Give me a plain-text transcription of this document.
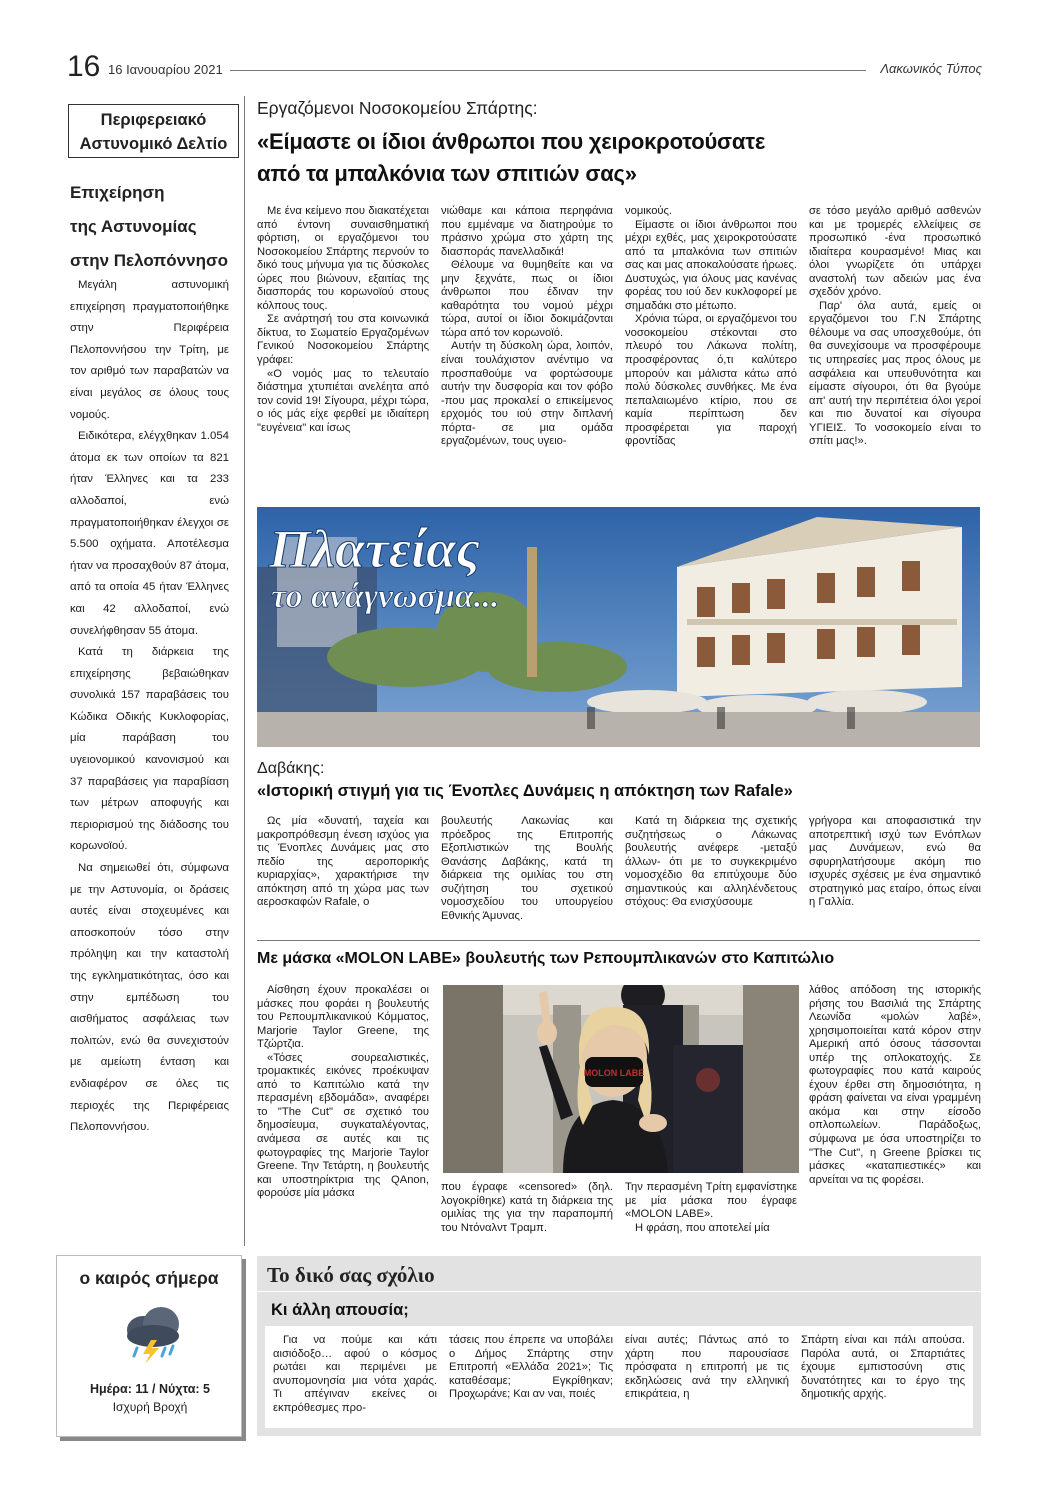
16 16 Ιανουαρίου 2021	Λακωνικός Τύπος
Περιφερειακό
Αστυνομικό Δελτίο
Επιχείρηση
της Αστυνομίας
στην Πελοπόννησο

Μεγάλη αστυνομική επιχείρηση πραγματοποιήθηκε στην Περιφέρεια Πελοποννήσου την Τρίτη, με τον αριθμό των παραβατών να είναι μεγάλος σε όλους τους νομούς.

Ειδικότερα, ελέγχθηκαν 1.054 άτομα εκ των οποίων τα 821 ήταν Έλληνες και τα 233 αλλοδαποί, ενώ πραγματοποιήθηκαν έλεγχοι σε 5.500 οχήματα. Αποτέλεσμα ήταν να προσαχθούν 87 άτομα, από τα οποία 45 ήταν Έλληνες και 42 αλλοδαποί, ενώ συνελήφθησαν 55 άτομα.

Κατά τη διάρκεια της επιχείρησης βεβαιώθηκαν συνολικά 157 παραβάσεις του Κώδικα Οδικής Κυκλοφορίας, μία παράβαση του υγειονομικού κανονισμού και 37 παραβάσεις για παραβίαση των μέτρων αποφυγής και περιορισμού της διάδοσης του κορωνοϊού.

Να σημειωθεί ότι, σύμφωνα με την Αστυνομία, οι δράσεις αυτές είναι στοχευμένες και αποσκοπούν τόσο στην πρόληψη και την καταστολή της εγκληματικότητας, όσο και στην εμπέδωση του αισθήματος ασφάλειας των πολιτών, ενώ θα συνεχιστούν με αμείωτη ένταση και ενδιαφέρον σε όλες τις περιοχές της Περιφέρειας Πελοποννήσου.

Εργαζόμενοι Νοσοκομείου Σπάρτης:
«Είμαστε οι ίδιοι άνθρωποι που χειροκροτούσατε
από τα μπαλκόνια των σπιτιών σας»

Με ένα κείμενο που διακατέχεται από έντονη συναισθηματική φόρτιση, οι εργαζόμενοι του Νοσοκομείου Σπάρτης περνούν το δικό τους μήνυμα για τις δύσκολες ώρες που βιώνουν, εξαιτίας της διασποράς του κορωνοϊού στους κόλπους τους.

Σε ανάρτησή του στα κοινωνικά δίκτυα, το Σωματείο Εργαζομένων Γενικού Νοσοκομείου Σπάρτης γράφει:

«Ο νομός μας το τελευταίο διάστημα χτυπιέται ανελέητα από τον covid 19! Σίγουρα, μέχρι τώρα, ο ιός μάς είχε φερθεί με ιδιαίτερη "ευγένεια" και ίσως

νιώθαμε και κάποια περηφάνια που εμμέναμε να διατηρούμε το πράσινο χρώμα στο χάρτη της διασποράς πανελλαδικά!

Θέλουμε να θυμηθείτε και να μην ξεχνάτε, πως οι ίδιοι άνθρωποι που έδιναν την καθαρότητα του νομού μέχρι τώρα, αυτοί οι ίδιοι δοκιμάζονται τώρα από τον κορωνοϊό.

Αυτήν τη δύσκολη ώρα, λοιπόν, είναι τουλάχιστον ανέντιμο να προσπαθούμε να φορτώσουμε αυτήν την δυσφορία και τον φόβο -που μας προκαλεί ο επικείμενος ερχομός του ιού στην διπλανή πόρτα- σε μια ομάδα εργαζομένων, τους υγειο-

νομικούς.

Είμαστε οι ίδιοι άνθρωποι που μέχρι εχθές, μας χειροκροτούσατε από τα μπαλκόνια των σπιτιών σας και μας αποκαλούσατε ήρωες. Δυστυχώς, για όλους μας κανένας φορέας του ιού δεν κυκλοφορεί με σημαδάκι στο μέτωπο.

Χρόνια τώρα, οι εργαζόμενοι του νοσοκομείου στέκονται στο πλευρό του Λάκωνα πολίτη, προσφέροντας ό,τι καλύτερο μπορούν και μάλιστα κάτω από πολύ δύσκολες συνθήκες. Με ένα πεπαλαιωμένο κτίριο, που σε καμία περίπτωση δεν προσφέρεται για παροχή φροντίδας

σε τόσο μεγάλο αριθμό ασθενών και με τρομερές ελλείψεις σε προσωπικό -ένα προσωπικό ιδιαίτερα κουρασμένο! Μιας και όλοι γνωρίζετε ότι υπάρχει αναστολή των αδειών μας ένα σχεδόν χρόνο.

Παρ' όλα αυτά, εμείς οι εργαζόμενοι του Γ.Ν Σπάρτης θέλουμε να σας υποσχεθούμε, ότι θα συνεχίσουμε να προσφέρουμε τις υπηρεσίες μας προς όλους με ασφάλεια και υπευθυνότητα και είμαστε σίγουροι, ότι θα βγούμε απ' αυτή την περιπέτεια όλοι γεροί και πιο δυνατοί και σίγουρα ΥΓΙΕΙΣ. Το νοσοκομείο είναι το σπίτι μας!».

Πλατείας
το ανάγνωσμα...
Δαβάκης:
«Ιστορική στιγμή για τις Ένοπλες Δυνάμεις η απόκτηση των Rafale»

Ως μία «δυνατή, ταχεία και μακροπρόθεσμη ένεση ισχύος για τις Ένοπλες Δυνάμεις μας στο πεδίο της αεροπορικής κυριαρχίας», χαρακτήρισε την απόκτηση από τη χώρα μας των αεροσκαφών Rafale, ο

βουλευτής Λακωνίας και πρόεδρος της Επιτροπής Εξοπλιστικών της Βουλής Θανάσης Δαβάκης, κατά τη διάρκεια της ομιλίας του στη συζήτηση του σχετικού νομοσχεδίου του υπουργείου Εθνικής Άμυνας.

Κατά τη διάρκεια της σχετικής συζητήσεως ο Λάκωνας βουλευτής ανέφερε -μεταξύ άλλων- ότι με το συγκεκριμένο νομοσχέδιο θα επιτύχουμε δύο σημαντικούς και αλληλένδετους στόχους: Θα ενισχύσουμε

γρήγορα και αποφασιστικά την αποτρεπτική ισχύ των Ενόπλων μας Δυνάμεων, ενώ θα σφυρηλατήσουμε ακόμη πιο ισχυρές σχέσεις με ένα σημαντικό στρατηγικό μας εταίρο, όπως είναι η Γαλλία.

Με μάσκα «MOLON LABE» βουλευτής των Ρεπουμπλικανών στο Καπιτώλιο

Αίσθηση έχουν προκαλέσει οι μάσκες που φοράει η βουλευτής του Ρεπουμπλικανικού Κόμματος, Marjorie Taylor Greene, της Τζώρτζια.

«Τόσες σουρεαλιστικές, τρομακτικές εικόνες προέκυψαν από το Καπιτώλιο κατά την περασμένη εβδομάδα», αναφέρει το "The Cut" σε σχετικό του δημοσίευμα, συγκαταλέγοντας, ανάμεσα σε αυτές και τις φωτογραφίες της Marjorie Taylor Greene. Την Τετάρτη, η βουλευτής και υποστηρίκτρια της QAnon, φορούσε μία μάσκα

MOLON LABE

που έγραφε «censored» (δηλ. λογοκρίθηκε) κατά τη διάρκεια της ομιλίας της για την παραπομπή του Ντόναλντ Τραμπ.

Την περασμένη Τρίτη εμφανίστηκε με μία μάσκα που έγραφε «MOLON LABE».

Η φράση, που αποτελεί μία

λάθος απόδοση της ιστορικής ρήσης του Βασιλιά της Σπάρτης Λεωνίδα «μολών λαβέ», χρησιμοποιείται κατά κόρον στην Αμερική από όσους τάσσονται υπέρ της οπλοκατοχής. Σε φωτογραφίες που κατά καιρούς έχουν έρθει στη δημοσιότητα, η φράση φαίνεται να είναι γραμμένη ακόμα και στην είσοδο οπλοπωλείων. Παράδοξως, σύμφωνα με όσα υποστηρίζει το "The Cut", η Greene βρίσκει τις μάσκες «καταπιεστικές» και αρνείται να τις φορέσει.

ο καιρός σήμερα
Ημέρα: 11 / Νύχτα: 5
Ισχυρή Βροχή
Το δικό σας σχόλιο
Κι άλλη απουσία;

Για να πούμε και κάτι αισιόδοξο… αφού ο κόσμος ρωτάει και περιμένει με ανυπομονησία μια νότα χαράς. Τι απέγιναν εκείνες οι εκπρόθεσμες προ-

τάσεις που έπρεπε να υποβάλει ο Δήμος Σπάρτης στην Επιτροπή «Ελλάδα 2021»; Τις καταθέσαμε; Εγκρίθηκαν; Προχωράνε; Και αν ναι, ποιές

είναι αυτές; Πάντως από το χάρτη που παρουσίασε πρόσφατα η επιτροπή με τις εκδηλώσεις ανά την ελληνική επικράτεια, η

Σπάρτη είναι και πάλι απούσα. Παρόλα αυτά, οι Σπαρτιάτες έχουμε εμπιστοσύνη στις δυνατότητες και το έργο της δημοτικής αρχής.
